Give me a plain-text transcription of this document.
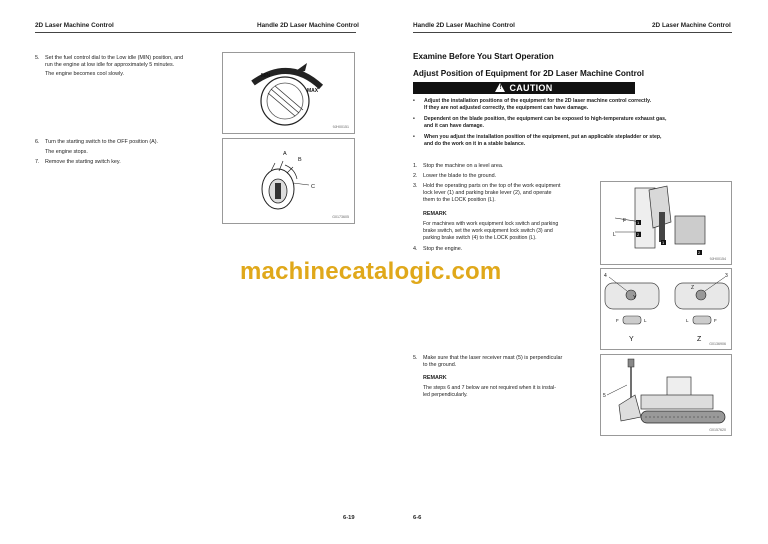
2D Laser Machine Control	Handle 2D Laser Machine Control
5. Set the fuel control dial to the Low idle (MIN) position, and
run the engine at low idle for approximately 5 minutes.
The engine becomes cool slowly.	MIN
MAX
9JH00151
6. Turn the starting switch to the OFF position (A).
The engine stops.
7. Remove the starting switch key.
A
B
C
G0173605
6-19
Handle 2D Laser Machine Control	2D Laser Machine Control
Examine Before You Start Operation
Adjust Position of Equipment for 2D Laser Machine Control
! CAUTION
• Adjust the installation positions of the equipment for the 2D laser machine control correctly.
If they are not adjusted correctly, the equipment can have damage.
• Dependent on the blade position, the equipment can be exposed to high-temperature exhaust gas,
and it can have damage.
• When you adjust the installation position of the equipment, put an applicable stepladder or step,
and do the work on it in a stable balance.
1. Stop the machine on a level area.
2. Lower the blade to the ground.
3. Hold the operating parts on the top of the work equipment
lock lever (1) and parking brake lever (2), and operate
them to the LOCK position (L).
REMARK
For machines with work equipment lock switch and parking
brake switch, set the work equipment lock switch (3) and
parking brake switch (4) to the LOCK position (L).
4. Stop the engine.
F
L
1
2
1
2
9JH00154
4	3
Y
Z
F	L	L	F
Y	Z
G0136906
5. Make sure that the laser receiver mast (5) is perpendicular
to the ground.
REMARK
The steps 6 and 7 below are not required when it is instal-
led perpendicularly.	5
G0157620
6-6
machinecatalogic.com
